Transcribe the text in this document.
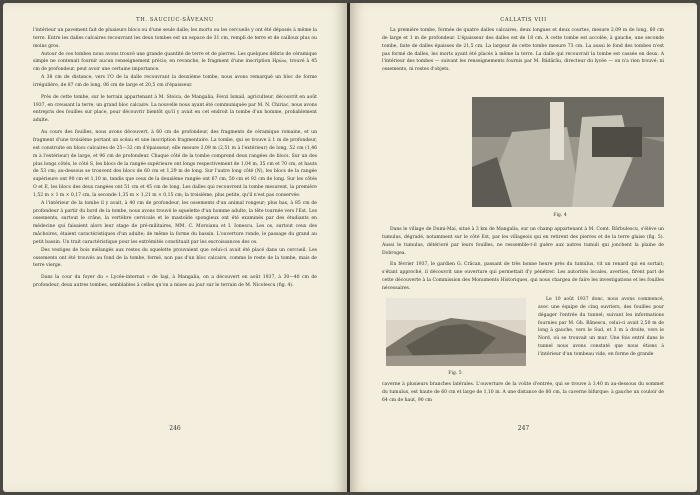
TH. SAUCIUC-SĂVEANU

l'intérieur un pavement fait de plusieurs blocs ou d'une seule dalle; les morts ou les cercueils y ont été déposés à même la terre. Entre les dalles calcaires recouvrant les deux tombes est un espace de 31 cm, rempli de terre et de cailloux plus ou moins gros.

Autour de ces tombes nous avons trouvé une grande quantité de terre et de pierres. Les quelques débris de céramique simple ne contenait fournir aucun renseignement précis; en revanche, le fragment d'une inscription Ηρώω, trouvé à 45 cm de profondeur, peut avoir une certaine importance.

A 38 cm de distance, vers l'O de la dalle recouvrant la deuxième tombe, nous avons remarqué un bloc de forme irrégulière, de 87 cm de long, 06 cm de large et 20,5 cm d'épaisseur.

Près de cette tombe, sur le terrain appartenant à M. Stoica, de Mangalia, Fevzi Ismail, agriculteur, découvrit en août 1937, en creusant la terre, un grand bloc calcaire. La nouvelle nous ayant été communiquée par M. N. Chiriac, nous avons entrepris des fouilles sur place, pour découvrir bientôt qu'il y avait en cet endroit la tombe d'un homme, probablement adulte.

Au cours des fouilles, nous avons découvert, à 60 cm de profondeur, des fragments de céramique romaine, et un fragment d'une troisième portant un scéau et une inscription fragmentaire. La tombe, qui se trouve à 1 m de profondeur, est construite en blocs calcaires de 25—32 cm d'épaisseur; elle mesure 2,09 m (2,51 m à l'extérieur) de long, 52 cm (1,46 m à l'extérieur) de large, et 96 cm de profondeur. Chaque côté de la tombe comprend deux rangées de blocs. Sur un des plus longs côtés, le côté S, les blocs de la rangée supérieure ont longs respectivement de 1,04 m, 35 cm et 70 cm, et hauts de 53 cm; au-dessous se trouvent des blocs de 60 cm et 1,29 m de long. Sur l'autre long côté (N), les blocs de la rangée supérieure ont 90 cm et 1,10 m, tandis que ceux de la deuxième rangée ont 67 cm, 50 cm et 92 cm de long. Sur les côtés O et E, les blocs des deux rangées ont 51 cm et 45 cm de long. Les dalles qui recouvrent la tombe mesurent, la première 1,52 m × 1 m × 0,17 cm, la seconde 1,35 m × 1,21 m × 0,15 cm; la troisième, plus petite, qu'il n'est pas conservée.

A l'intérieur de la tombe il y avait, à 40 cm de profondeur, les ossements d'un animal rongeur; plus bas, à 85 cm de profondeur à partir du bord de la tombe, nous avons trouvé le squelette d'un homme adulte, la tête tournée vers l'Est. Les ossements, surtout le crâne, la vertèbre cervicale et le mastoïde spongieux ont été examinés par des étudiants en médecine qui faisaient alors leur stage de pré-militaires, MM. C. Moroianu et I. Ionescu. Les os, surtout ceux des mâchoires, étaient caractéristiques d'un adulte; de même la forme du bassin. L'ouverture ronde, le passage du grand au petit bassin. Un trait caractéristique pour les extrémités constituait par les excroissances des os.

Des vestiges de bois mélangés aux restes du squelette prouvaient que celui-ci avait été placé dans un cercueil. Les ossements ont été trouvés au fond de la tombe, fermé, non pas d'un bloc calcaire, comme le reste de la tombe, mais de terre vierge.

Dans la cour du foyer du « Lycée-internat » de Iaşi, à Mangalia, on a découvert en août 1937, à 30—40 cm de profondeur, deux autres tombes, semblables à celles qu'on a mises au jour sur le terrain de M. Nicolescu (fig. 4).

246
CALLATIS VIII

La première tombe, formée de quatre dalles calcaires, deux longues et deux courtes, mesure 2,09 m de long, 60 cm de large et 1 m de profondeur. L'épaisseur des dalles est de 18 cm. À cette tombe est accolée, à gauche, une seconde tombe, faite de dalles épaisses de 21,5 cm. La largeur de cette tombe mesure 73 cm. La aussi le fond des tombes n'est pas formé de dalles, les morts ayant été placés à même la terre. La dalle qui recouvrait la tombe est cassée en deux. A l'intérieur des tombes — suivant les renseignements fournis par M. Bădărău, directeur du lycée — on n'a rien trouvé: ni ossements, ni restes d'objets.

Fig. 4

Dans le village de Dumi-Mai, situé à 3 km de Mangalia, sur un champ appartenant à M. Comt. Bărbulescu, s'élève un tumulus, dégradé, notamment sur le côté Est, par les villageois qui en retirent des pierres et de la terre glaise (fig. 5). Aussi le tumulus, détérioré par leurs fouilles, ne ressemble-t-il guère aux autres tumuli qui jonchent la plaine de Dobrogea.

En février 1937, le gardien G. Crăcan, passant de très bonne heure près du tumulus, vit un renard qui en sortait; s'étant approché, il découvrit une ouverture qui permettait d'y pénétrer. Les autorités locales, averties, firent part de cette découverte à la Commission des Monuments Historiques, qui nous chargea de faire les investigations et les fouilles nécessaires.

Fig. 5

Le 10 août 1937 donc, nous avons commencé, avec une équipe de cinq ouvriers, des fouilles pour dégager l'entrée du tunnel; suivant les informations fournies par M. Gh. Bănescu, celui-ci avait 2,50 m de long à gauche, vers le Sud, et 3 m à droite, vers le Nord, où se trouvait un mur. Une fois entré dans le tunnel nous avons constaté que nous étions à l'intérieur d'un tombeau vide, en forme de grande

caverne à plusieurs branches latérales. L'ouverture de la voûte d'entrée, qui se trouve à 3,40 m au-dessous du sommet du tumulus, est haute de 60 cm et large de 1,10 m. A une distance de 80 cm, la caverne bifurque: à gauche un couloir de 64 cm de haut, 90 cm

247
